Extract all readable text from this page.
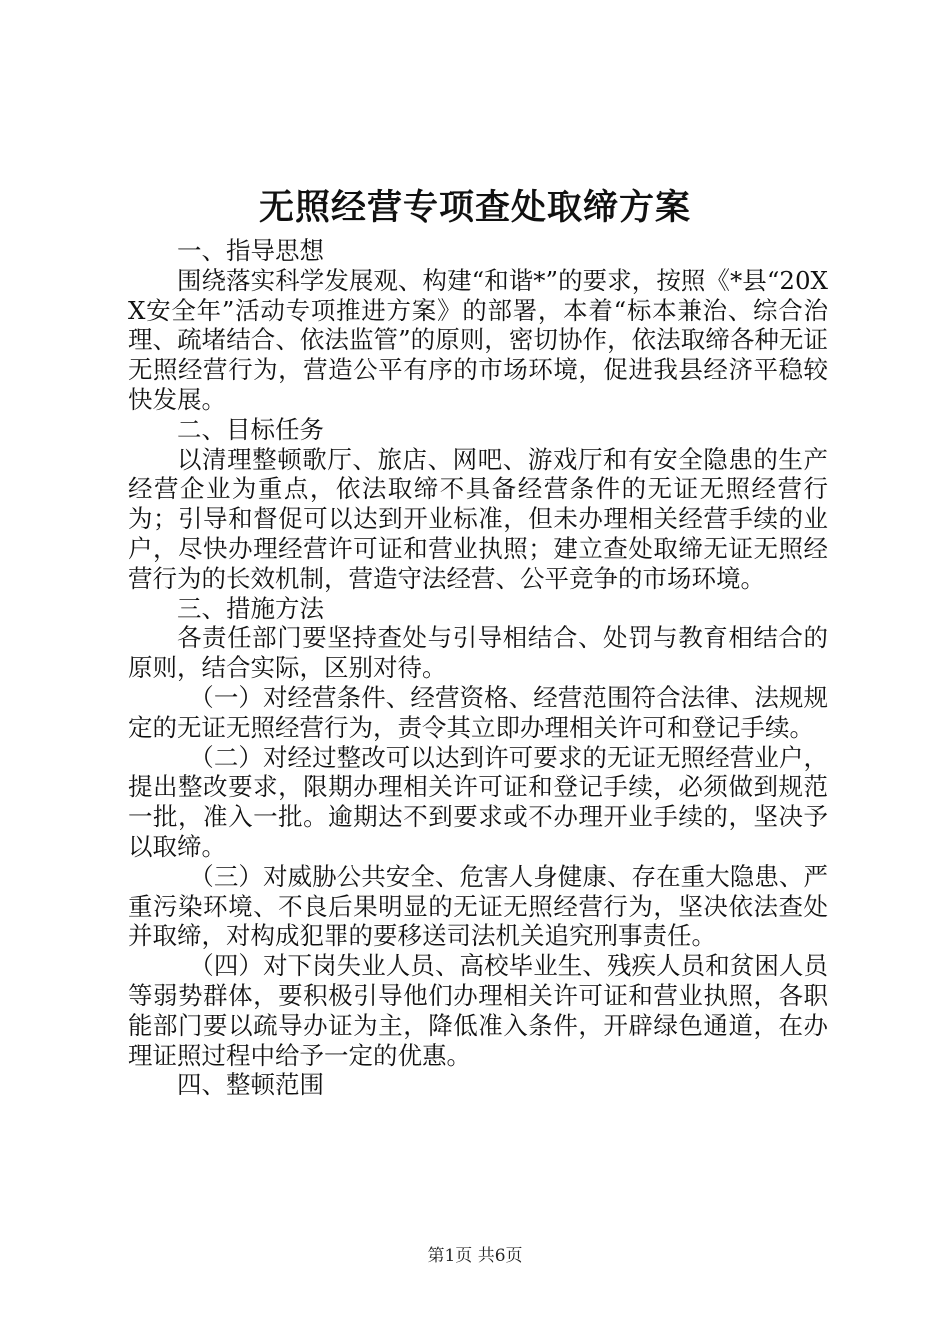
无照经营专项查处取缔方案

一、指导思想

围绕落实科学发展观、构建“和谐*”的要求，按照《*县“20XX安全年”活动专项推进方案》的部署，本着“标本兼治、综合治理、疏堵结合、依法监管”的原则，密切协作，依法取缔各种无证无照经营行为，营造公平有序的市场环境，促进我县经济平稳较快发展。

二、目标任务

以清理整顿歌厅、旅店、网吧、游戏厅和有安全隐患的生产经营企业为重点，依法取缔不具备经营条件的无证无照经营行为；引导和督促可以达到开业标准，但未办理相关经营手续的业户，尽快办理经营许可证和营业执照；建立查处取缔无证无照经营行为的长效机制，营造守法经营、公平竞争的市场环境。

三、措施方法

各责任部门要坚持查处与引导相结合、处罚与教育相结合的原则，结合实际，区别对待。

（一）对经营条件、经营资格、经营范围符合法律、法规规定的无证无照经营行为，责令其立即办理相关许可和登记手续。

（二）对经过整改可以达到许可要求的无证无照经营业户，提出整改要求，限期办理相关许可证和登记手续，必须做到规范一批，准入一批。逾期达不到要求或不办理开业手续的，坚决予以取缔。

（三）对威胁公共安全、危害人身健康、存在重大隐患、严重污染环境、不良后果明显的无证无照经营行为，坚决依法查处并取缔，对构成犯罪的要移送司法机关追究刑事责任。

（四）对下岗失业人员、高校毕业生、残疾人员和贫困人员等弱势群体，要积极引导他们办理相关许可证和营业执照，各职能部门要以疏导办证为主，降低准入条件，开辟绿色通道，在办理证照过程中给予一定的优惠。

四、整顿范围

第1页 共6页
